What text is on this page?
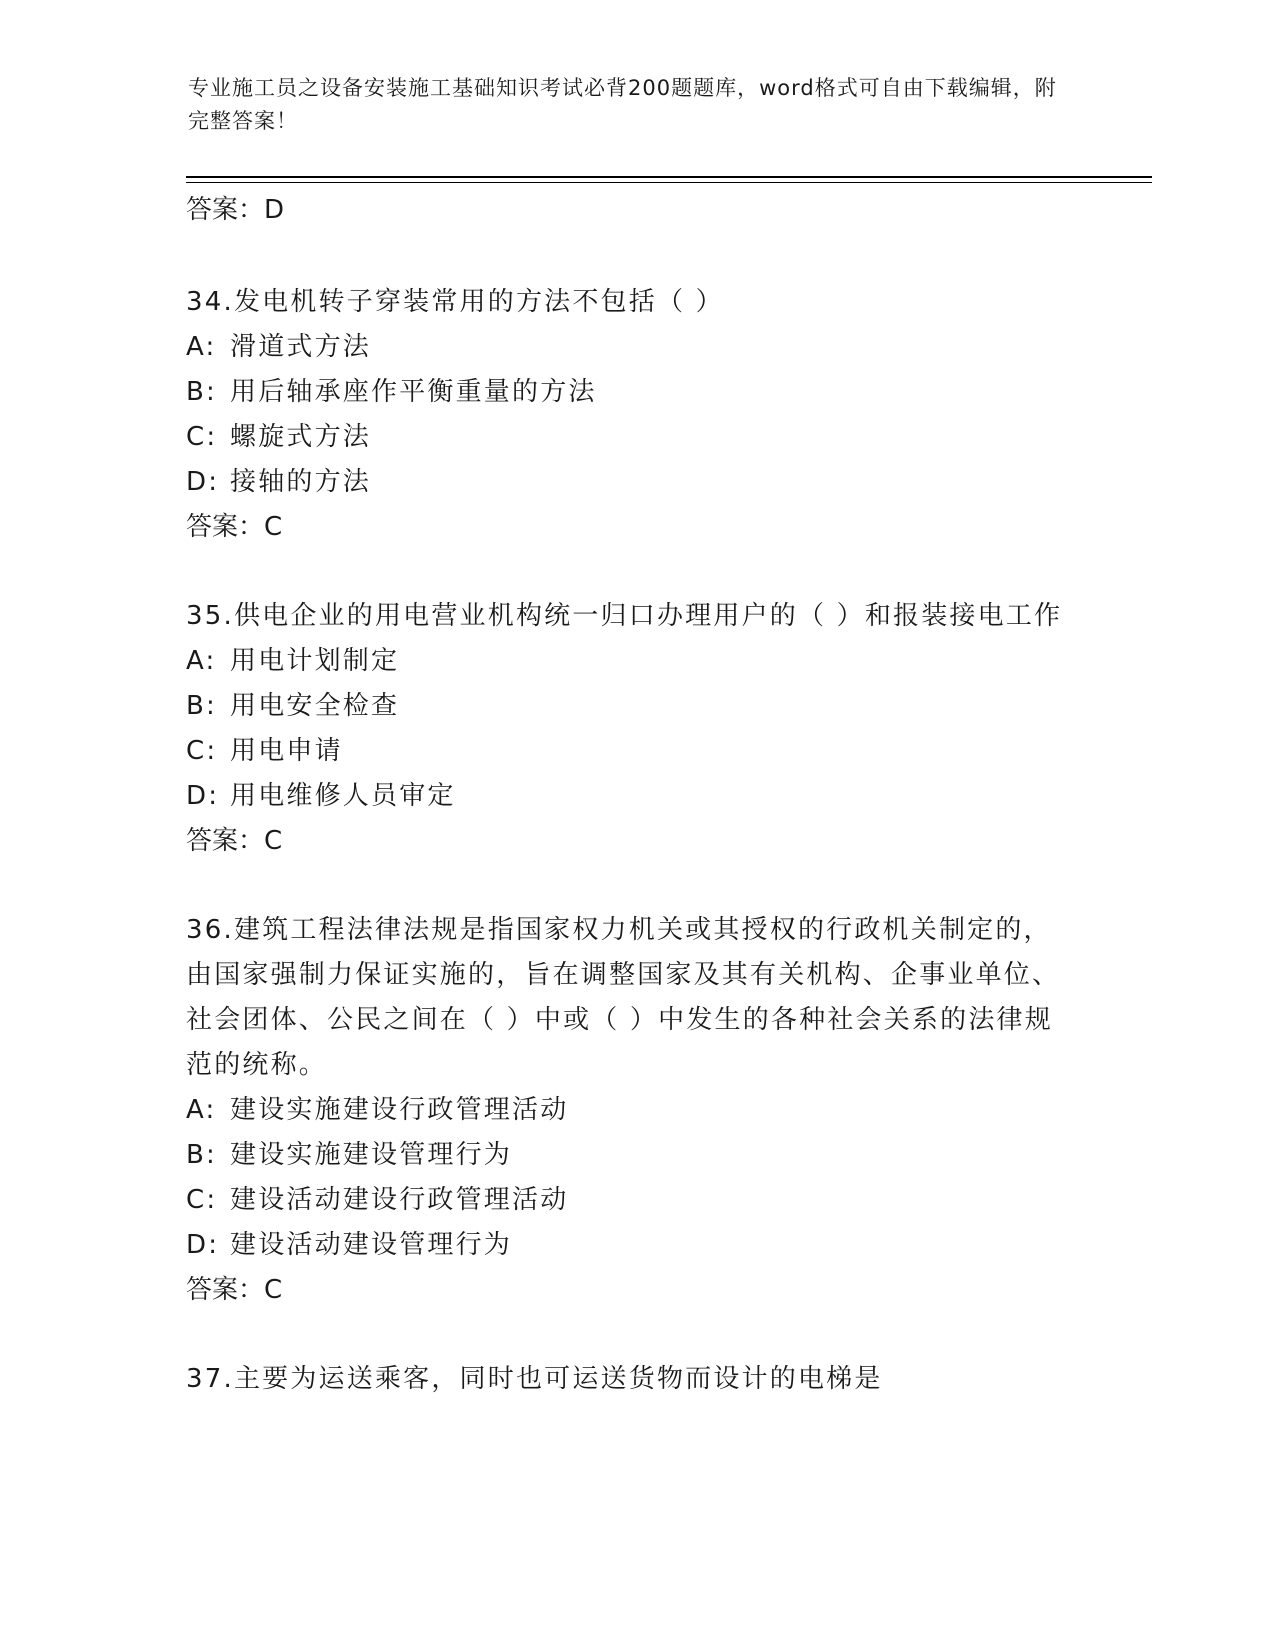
专业施工员之设备安装施工基础知识考试必背200题题库，word格式可自由下载编辑，附完整答案！
答案：D
34.发电机转子穿装常用的方法不包括（ ）
A: 滑道式方法
B: 用后轴承座作平衡重量的方法
C: 螺旋式方法
D: 接轴的方法
答案：C
35.供电企业的用电营业机构统一归口办理用户的（ ）和报装接电工作
A: 用电计划制定
B: 用电安全检查
C: 用电申请
D: 用电维修人员审定
答案：C
36.建筑工程法律法规是指国家权力机关或其授权的行政机关制定的，由国家强制力保证实施的，旨在调整国家及其有关机构、企事业单位、社会团体、公民之间在（ ）中或（ ）中发生的各种社会关系的法律规范的统称。
A: 建设实施建设行政管理活动
B: 建设实施建设管理行为
C: 建设活动建设行政管理活动
D: 建设活动建设管理行为
答案：C
37.主要为运送乘客，同时也可运送货物而设计的电梯是
